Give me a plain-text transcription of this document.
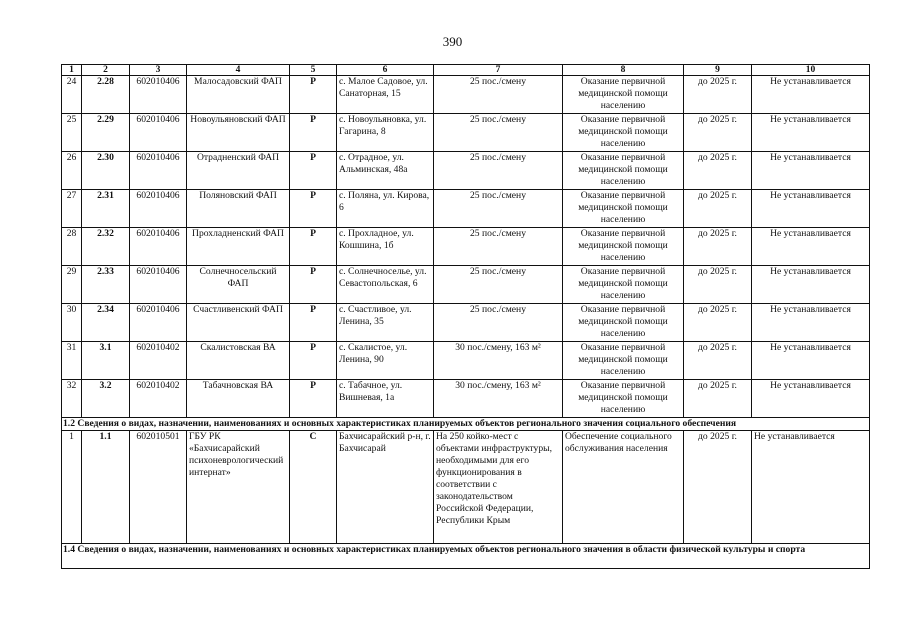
390
1	2	3	4	5	6	7	8	9	10
24	2.28	602010406	Малосадовский ФАП	Р	с. Малое Садовое, ул. Санаторная, 15	25 пос./смену	Оказание первичной медицинской помощи населению	до 2025 г.	Не устанавливается
25	2.29	602010406	Новоульяновский ФАП	Р	с. Новоульяновка, ул. Гагарина, 8	25 пос./смену	Оказание первичной медицинской помощи населению	до 2025 г.	Не устанавливается
26	2.30	602010406	Отрадненский ФАП	Р	с. Отрадное, ул. Альминская, 48а	25 пос./смену	Оказание первичной медицинской помощи населению	до 2025 г.	Не устанавливается
27	2.31	602010406	Поляновский ФАП	Р	с. Поляна, ул. Кирова, 6	25 пос./смену	Оказание первичной медицинской помощи населению	до 2025 г.	Не устанавливается
28	2.32	602010406	Прохладненский ФАП	Р	с. Прохладное, ул. Кошшина, 1б	25 пос./смену	Оказание первичной медицинской помощи населению	до 2025 г.	Не устанавливается
29	2.33	602010406	Солнечносельский ФАП	Р	с. Солнечносельe, ул. Севастопольская, 6	25 пос./смену	Оказание первичной медицинской помощи населению	до 2025 г.	Не устанавливается
30	2.34	602010406	Счастливенский ФАП	Р	с. Счастливое, ул. Ленина, 35	25 пос./смену	Оказание первичной медицинской помощи населению	до 2025 г.	Не устанавливается
31	3.1	602010402	Скалистовская ВА	Р	с. Скалистое, ул. Ленина, 90	30 пос./смену, 163 м²	Оказание первичной медицинской помощи населению	до 2025 г.	Не устанавливается
32	3.2	602010402	Табачновская ВА	Р	с. Табачное, ул. Вишневая, 1а	30 пос./смену, 163 м²	Оказание первичной медицинской помощи населению	до 2025 г.	Не устанавливается
1.2 Сведения о видах, назначении, наименованиях и основных характеристиках планируемых объектов регионального значения социального обеспечения									
1	1.1	602010501	ГБУ РК «Бахчисарайский психоневрологический интернат»	С	Бахчисарайский р-н, г. Бахчисарай	На 250 койко-мест с объектами инфраструктуры, необходимыми для его функционирования в соответствии с законодательством Российской Федерации, Республики Крым	Обеспечение социального обслуживания населения	до 2025 г.	Не устанавливается
1.4 Сведения о видах, назначении, наименованиях и основных характеристиках планируемых объектов регионального значения в области физической культуры и спорта									
